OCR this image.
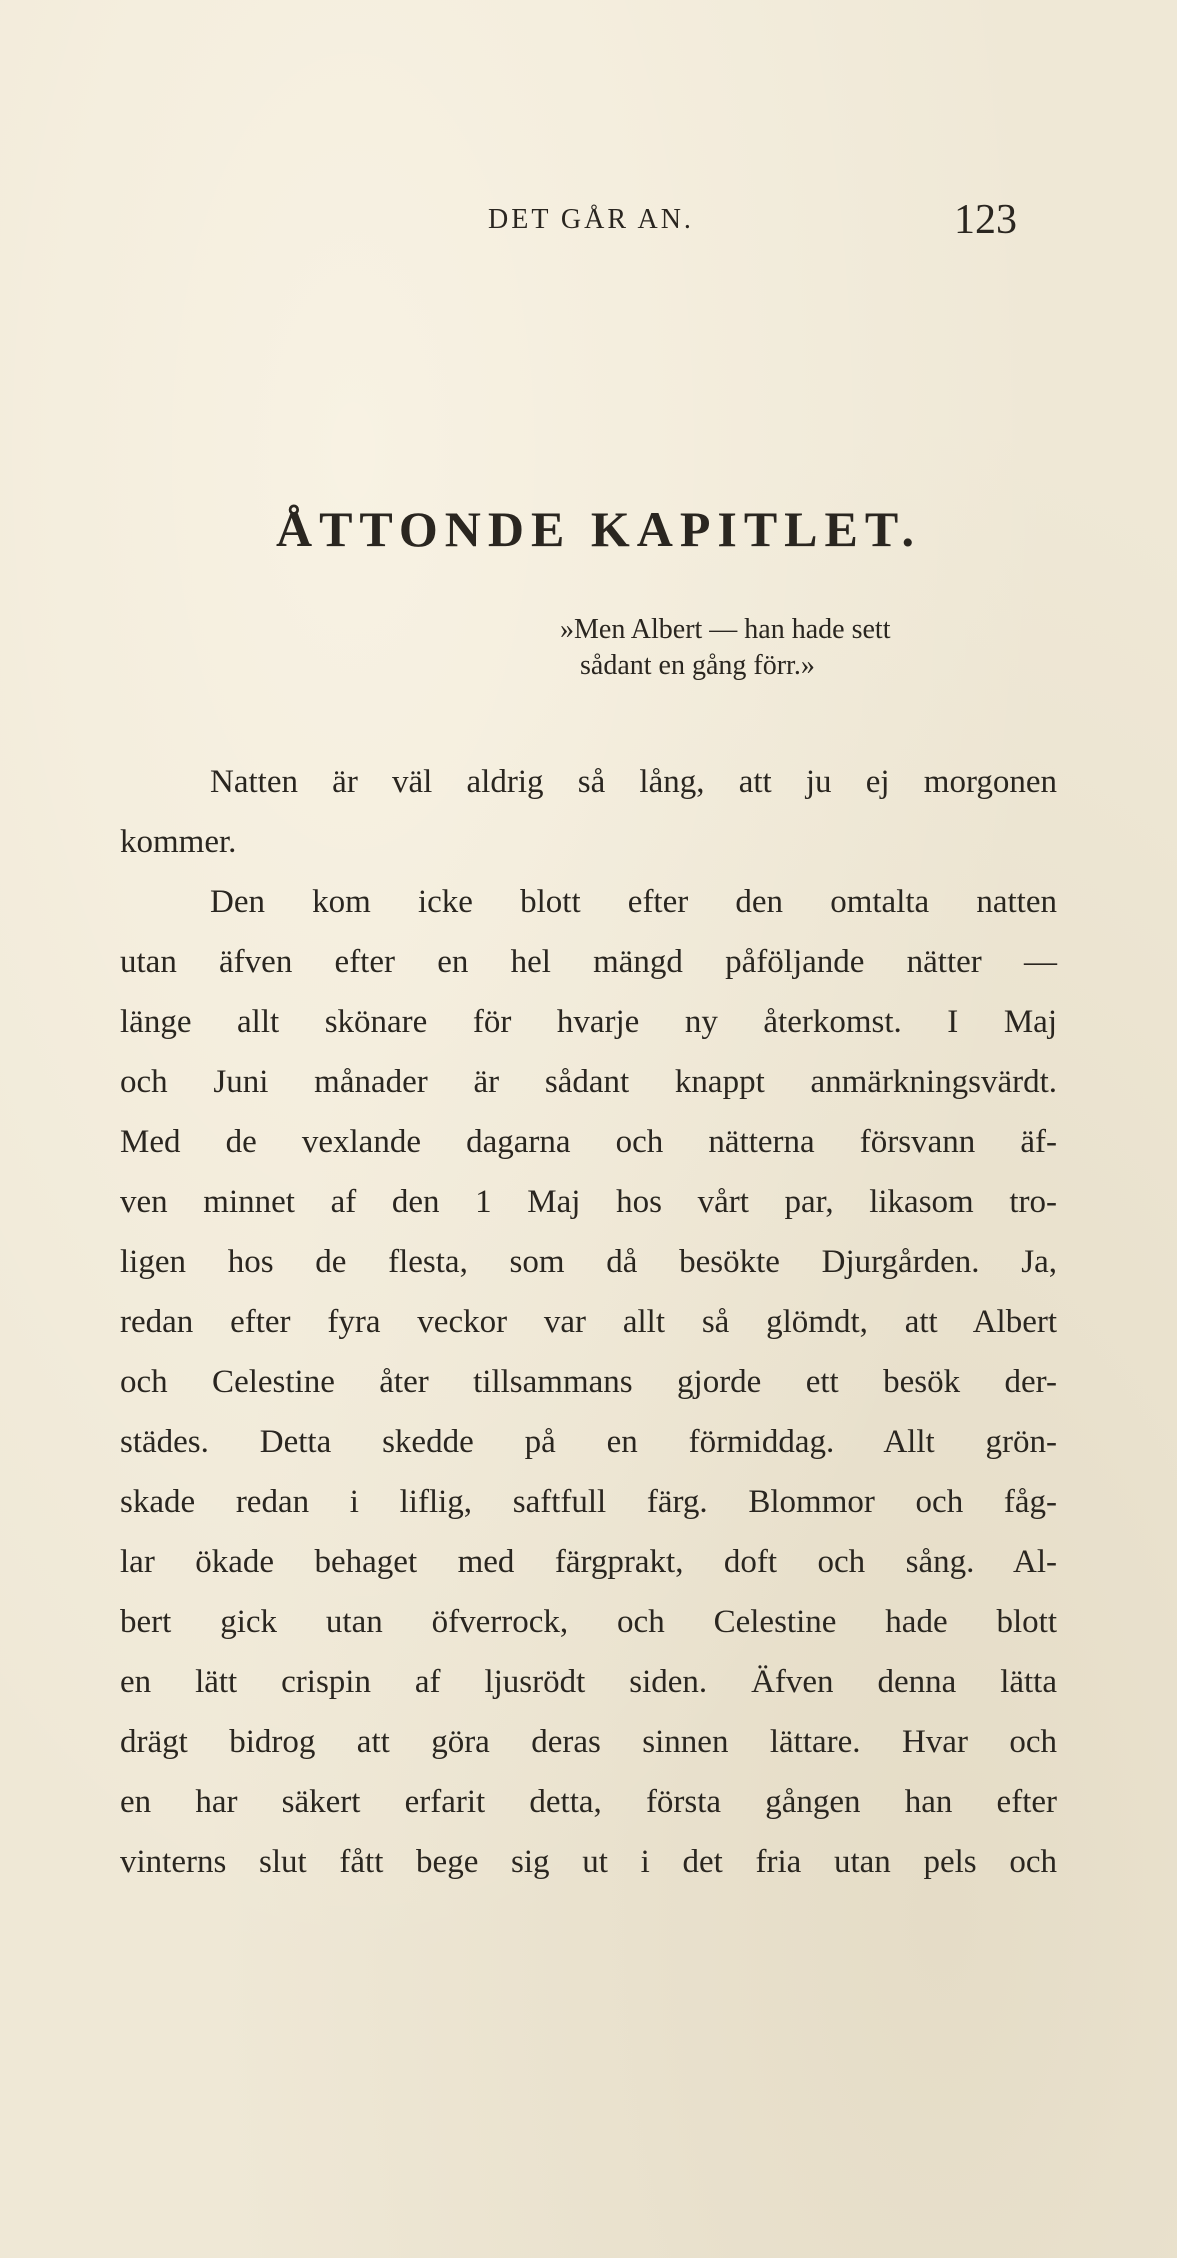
DET GÅR AN.	123
ÅTTONDE KAPITLET.
»Men Albert — han hade sett
sådant en gång förr.»
Natten är väl aldrig så lång, att ju ej morgonen
kommer.
Den kom icke blott efter den omtalta natten
utan äfven efter en hel mängd påföljande nätter —
länge allt skönare för hvarje ny återkomst. I Maj
och Juni månader är sådant knappt anmärkningsvärdt.
Med de vexlande dagarna och nätterna försvann äf-
ven minnet af den 1 Maj hos vårt par, likasom tro-
ligen hos de flesta, som då besökte Djurgården. Ja,
redan efter fyra veckor var allt så glömdt, att Albert
och Celestine åter tillsammans gjorde ett besök der-
städes. Detta skedde på en förmiddag. Allt grön-
skade redan i liflig, saftfull färg. Blommor och fåg-
lar ökade behaget med färgprakt, doft och sång. Al-
bert gick utan öfverrock, och Celestine hade blott
en lätt crispin af ljusrödt siden. Äfven denna lätta
drägt bidrog att göra deras sinnen lättare. Hvar och
en har säkert erfarit detta, första gången han efter
vinterns slut fått bege sig ut i det fria utan pels och
